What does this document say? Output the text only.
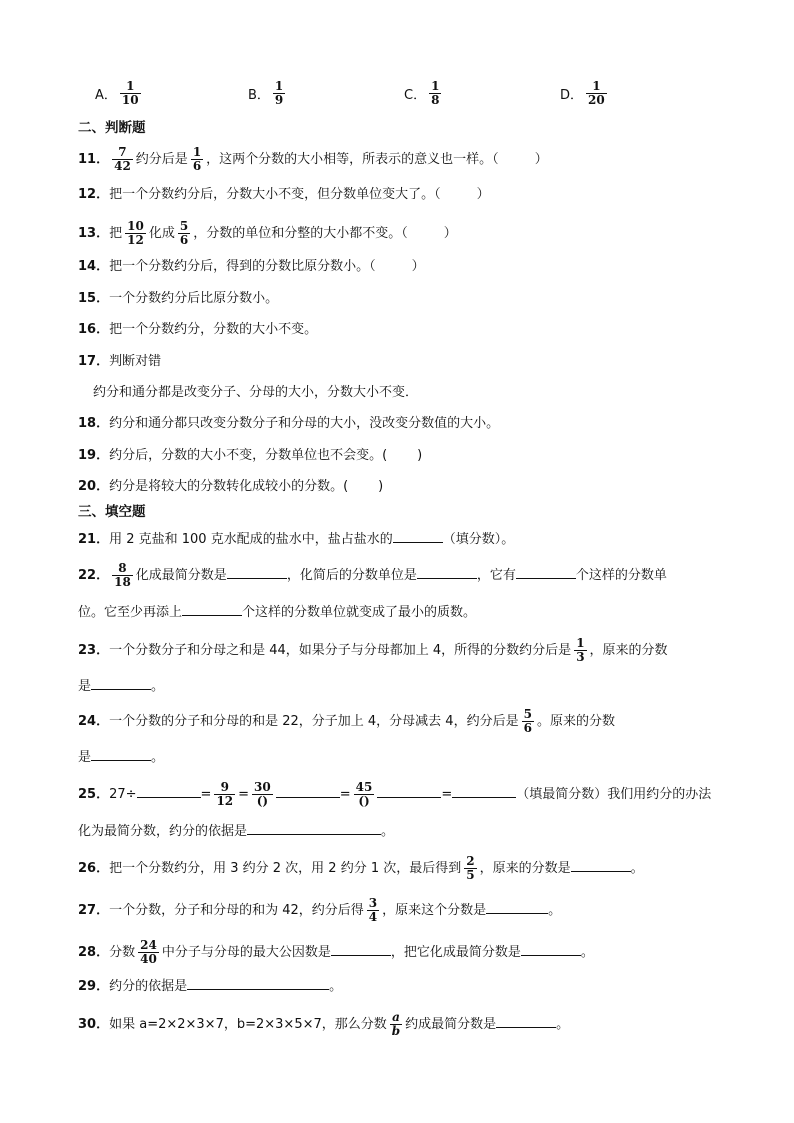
A． $\frac{1}{10}$	B． $\frac{1}{9}$	C． $\frac{1}{8}$	D． $\frac{1}{20}$
二、判断题
11． $\frac{7}{42}$ 约分后是 $\frac{1}{6}$ ，这两个分数的大小相等，所表示的意义也一样。（	）
12．把一个分数约分后，分数大小不变，但分数单位变大了。（	）
13．把 $\frac{10}{12}$ 化成 $\frac{5}{6}$ ，分数的单位和分整的大小都不变。（	）
14．把一个分数约分后，得到的分数比原分数小。（	）
15．一个分数约分后比原分数小。
16．把一个分数约分，分数的大小不变。
17．判断对错
约分和通分都是改变分子、分母的大小，分数大小不变．
18．约分和通分都只改变分数分子和分母的大小，没改变分数值的大小。
19．约分后，分数的大小不变，分数单位也不会变。( )
20．约分是将较大的分数转化成较小的分数。( )
三、填空题
21．用 2 克盐和 100 克水配成的盐水中，盐占盐水的	（填分数）。
22． $\frac{8}{18}$ 化成最简分数是	，化简后的分数单位是	，它有	个这样的分数单
位。它至少再添上	个这样的分数单位就变成了最小的质数。
23．一个分数分子和分母之和是 44，如果分子与分母都加上 4，所得的分数约分后是 $\frac{1}{3}$ ，原来的分数
是	。
24．一个分数的分子和分母的和是 22，分子加上 4，分母减去 4，约分后是 $\frac{5}{6}$ 。原来的分数
是	。
25．27÷	= $\frac{9}{12} = \frac{30}{()}$	= $\frac{45}{()}$	=	（填最简分数）我们用约分的办法
化为最简分数，约分的依据是	。
26．把一个分数约分，用 3 约分 2 次，用 2 约分 1 次，最后得到 $\frac{2}{5}$ ，原来的分数是	。
27．一个分数，分子和分母的和为 42，约分后得 $\frac{3}{4}$ ，原来这个分数是	。
28．分数 $\frac{24}{40}$ 中分子与分母的最大公因数是	，把它化成最简分数是	。
29．约分的依据是	。
30．如果 a=2×2×3×7，b=2×3×5×7，那么分数 $\frac{a}{b}$ 约成最简分数是	。
